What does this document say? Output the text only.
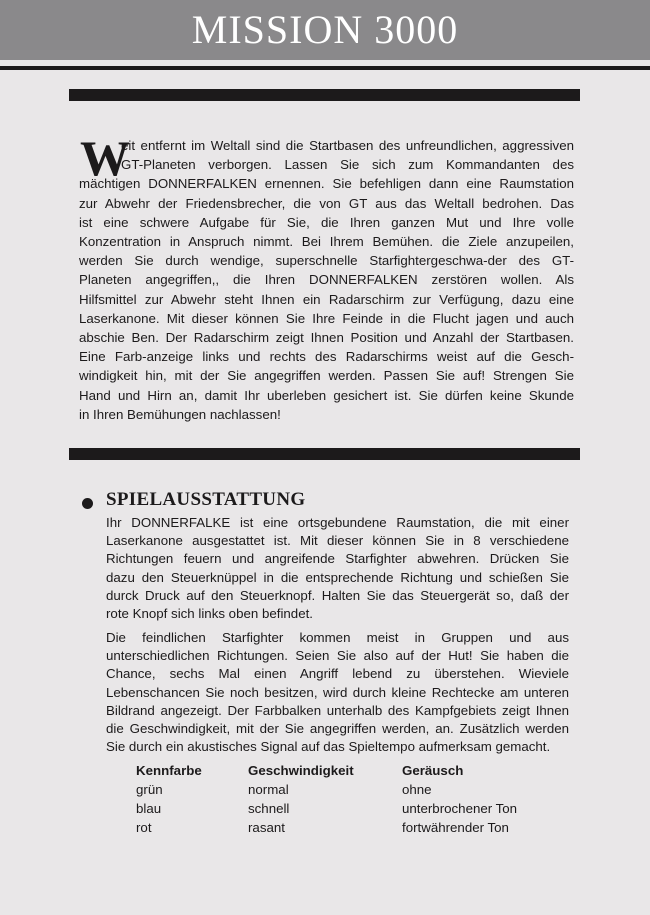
MISSION 3000
W
eit entfernt im Weltall sind die Startbasen des unfreundlichen, aggressiven
GT-Planeten verborgen. Lassen Sie sich zum Kommandanten des
mächtigen DONNERFALKEN ernennen. Sie befehligen dann eine Raumstation
zur Abwehr der Friedensbrecher, die von GT aus das Weltall bedrohen. Das
ist eine schwere Aufgabe für Sie, die Ihren ganzen Mut und Ihre volle
Konzentration in Anspruch nimmt. Bei Ihrem Bemühen. die Ziele anzupeilen,
werden Sie durch wendige, superschnelle Starfightergeschwa-der des GT-
Planeten angegriffen,, die Ihren DONNERFALKEN zerstören wollen. Als
Hilfsmittel zur Abwehr steht Ihnen ein Radarschirm zur Verfügung, dazu eine
Laserkanone. Mit dieser können Sie Ihre Feinde in die Flucht jagen und auch
abschie Ben. Der Radarschirm zeigt Ihnen Position und Anzahl der Startbasen.
Eine Farb-anzeige links und rechts des Radarschirms weist auf die Gesch-
windigkeit hin, mit der Sie angegriffen werden. Passen Sie auf! Strengen Sie
Hand und Hirn an, damit Ihr uberleben gesichert ist. Sie dürfen keine Skunde
in Ihren Bemühungen nachlassen!
SPIELAUSSTATTUNG
Ihr DONNERFALKE ist eine ortsgebundene Raumstation, die mit einer
Laserkanone ausgestattet ist. Mit dieser können Sie in 8 verschiedene
Richtungen feuern und angreifende Starfighter abwehren. Drücken Sie
dazu den Steuerknüppel in die entsprechende Richtung und schießen Sie
durck Druck auf den Steuerknopf. Halten Sie das Steuergerät so, daß der
rote Knopf sich links oben befindet.
Die feindlichen Starfighter kommen meist in Gruppen und aus
unterschiedlichen Richtungen. Seien Sie also auf der Hut! Sie haben die
Chance, sechs Mal einen Angriff lebend zu überstehen. Wieviele
Lebenschancen Sie noch besitzen, wird durch kleine Rechtecke am unteren
Bildrand angezeigt. Der Farbbalken unterhalb des Kampfgebiets zeigt Ihnen
die Geschwindigkeit, mit der Sie angegriffen werden, an. Zusätzlich werden
Sie durch ein akustisches Signal auf das Spieltempo aufmerksam gemacht.
Kennfarbe	Geschwindigkeit	Geräusch
grün	normal	ohne
blau	schnell	unterbrochener Ton
rot	rasant	fortwährender Ton
